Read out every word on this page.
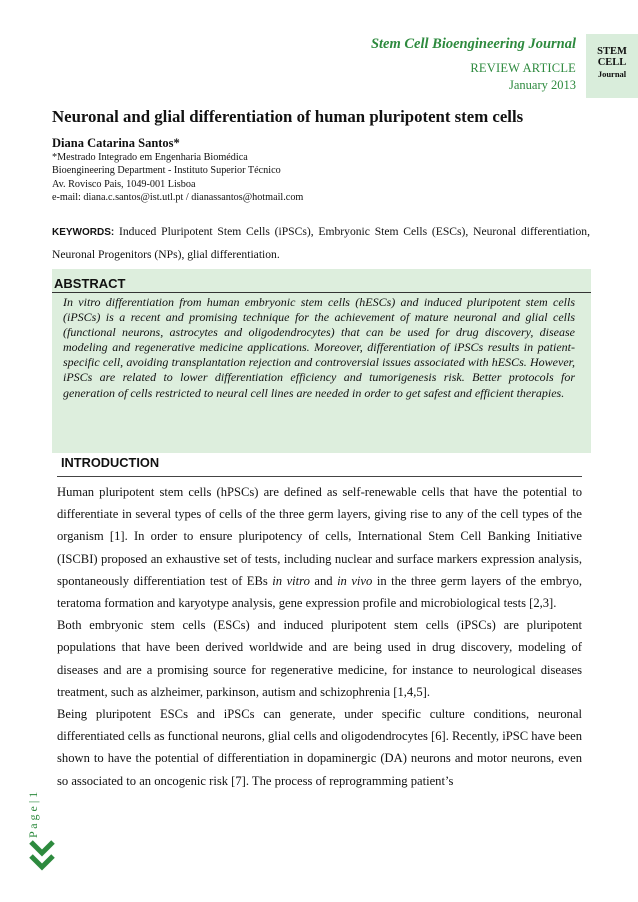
Stem Cell Bioengineering Journal
REVIEW ARTICLE
January 2013
STEM
CELL
Journal
Neuronal and glial differentiation of human pluripotent stem cells
Diana Catarina Santos*
*Mestrado Integrado em Engenharia Biomédica
Bioengineering Department - Instituto Superior Técnico
Av. Rovisco Pais, 1049-001 Lisboa
e-mail: diana.c.santos@ist.utl.pt / dianassantos@hotmail.com
KEYWORDS: Induced Pluripotent Stem Cells (iPSCs), Embryonic Stem Cells (ESCs), Neuronal differentiation, Neuronal Progenitors (NPs), glial differentiation.
ABSTRACT
In vitro differentiation from human embryonic stem cells (hESCs) and induced pluripotent stem cells (iPSCs) is a recent and promising technique for the achievement of mature neuronal and glial cells (functional neurons, astrocytes and oligodendrocytes) that can be used for drug discovery, disease modeling and regenerative medicine applications. Moreover, differentiation of iPSCs results in patient-specific cell, avoiding transplantation rejection and controversial issues associated with hESCs. However, iPSCs are related to lower differentiation efficiency and tumorigenesis risk. Better protocols for generation of cells restricted to neural cell lines are needed in order to get safest and efficient therapies.
INTRODUCTION

Human pluripotent stem cells (hPSCs) are defined as self-renewable cells that have the potential to differentiate in several types of cells of the three germ layers, giving rise to any of the cell types of the organism [1]. In order to ensure pluripotency of cells, International Stem Cell Banking Initiative (ISCBI) proposed an exhaustive set of tests, including nuclear and surface markers expression analysis, spontaneously differentiation test of EBs in vitro and in vivo in the three germ layers of the embryo, teratoma formation and karyotype analysis, gene expression profile and microbiological tests [2,3].

Both embryonic stem cells (ESCs) and induced pluripotent stem cells (iPSCs) are pluripotent populations that have been derived worldwide and are being used in drug discovery, modeling of diseases and are a promising source for regenerative medicine, for instance to neurological diseases treatment, such as alzheimer, parkinson, autism and schizophrenia [1,4,5].

Being pluripotent ESCs and iPSCs can generate, under specific culture conditions, neuronal differentiated cells as functional neurons, glial cells and oligodendrocytes [6]. Recently, iPSC have been shown to have the potential of differentiation in dopaminergic (DA) neurons and motor neurons, even so associated to an oncogenic risk [7]. The process of reprogramming patient’s

P a g e | 1
